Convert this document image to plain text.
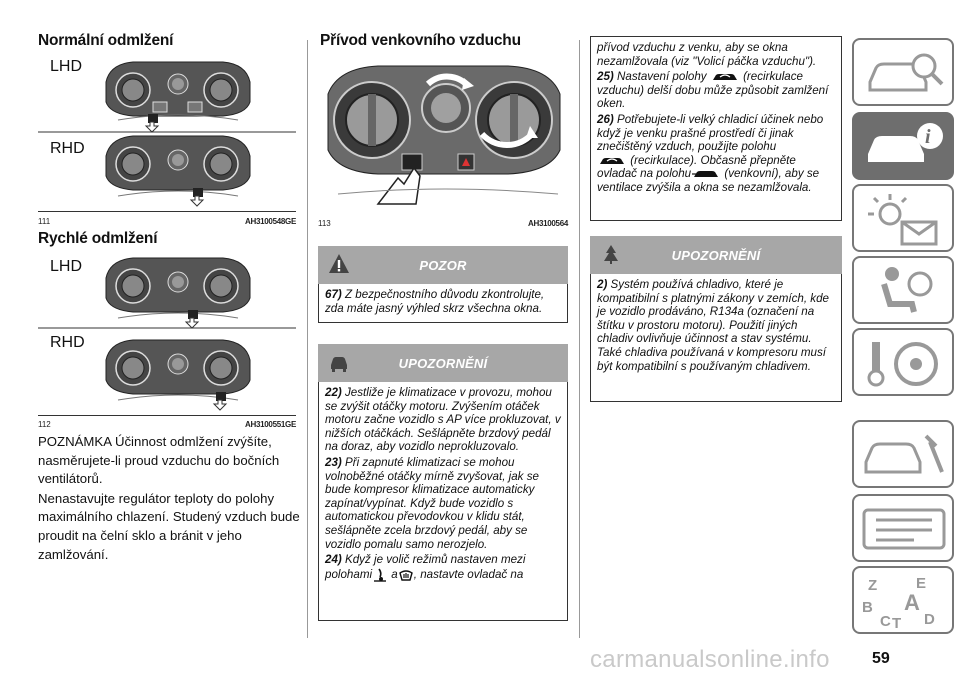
Normální odmlžení
LHD
RHD
111	AH3100548GE
Rychlé odmlžení
LHD
RHD
112	AH3100551GE

POZNÁMKA Účinnost odmlžení zvýšíte, nasměrujete-li proud vzduchu do bočních ventilátorů.

Nenastavujte regulátor teploty do polohy maximálního chlazení. Studený vzduch bude proudit na čelní sklo a bránit v jeho zamlžování.

Přívod venkovního vzduchu
113	AH3100564
POZOR

67) Z bezpečnostního důvodu zkontrolujte, zda máte jasný výhled skrz všechna okna.

UPOZORNĚNÍ

22) Jestliže je klimatizace v provozu, mohou se zvýšit otáčky motoru. Zvýšením otáček motoru začne vozidlo s AP více prokluzovat, v nižších otáčkách. Sešlápněte brzdový pedál na doraz, aby vozidlo neprokluzovalo.

23) Při zapnuté klimatizaci se mohou volnoběžné otáčky mírně zvyšovat, jak se bude kompresor klimatizace automaticky zapínat/vypínat. Když bude vozidlo s automatickou převodovkou v klidu stát, sešlápněte zcela brzdový pedál, aby se vozidlo pomalu samo nerozjelo.

24) Když je volič režimů nastaven mezi polohami a , nastavte ovladač na

přívod vzduchu z venku, aby se okna nezamlžovala (viz "Volicí páčka vzduchu").

25) Nastavení polohy	(recirkulace vzduchu) delší dobu může způsobit zamlžení oken.

26) Potřebujete-li velký chladicí účinek nebo když je venku prašné prostředí či jinak znečištěný vzduch, použijte polohu
(recirkulace). Občasně přepněte ovladač na polohu	(venkovní), aby se ventilace zvýšila a okna se nezamlžovala.

UPOZORNĚNÍ

2) Systém používá chladivo, které je kompatibilní s platnými zákony v zemích, kde je vozidlo prodáváno, R134a (označení na štítku v prostoru motoru). Použití jiných chladiv ovlivňuje účinnost a stav systému. Také chladiva používaná v kompresoru musí být kompatibilní s používaným chladivem.

i
Z	E
B A
C T D
carmanualsonline.info	59
